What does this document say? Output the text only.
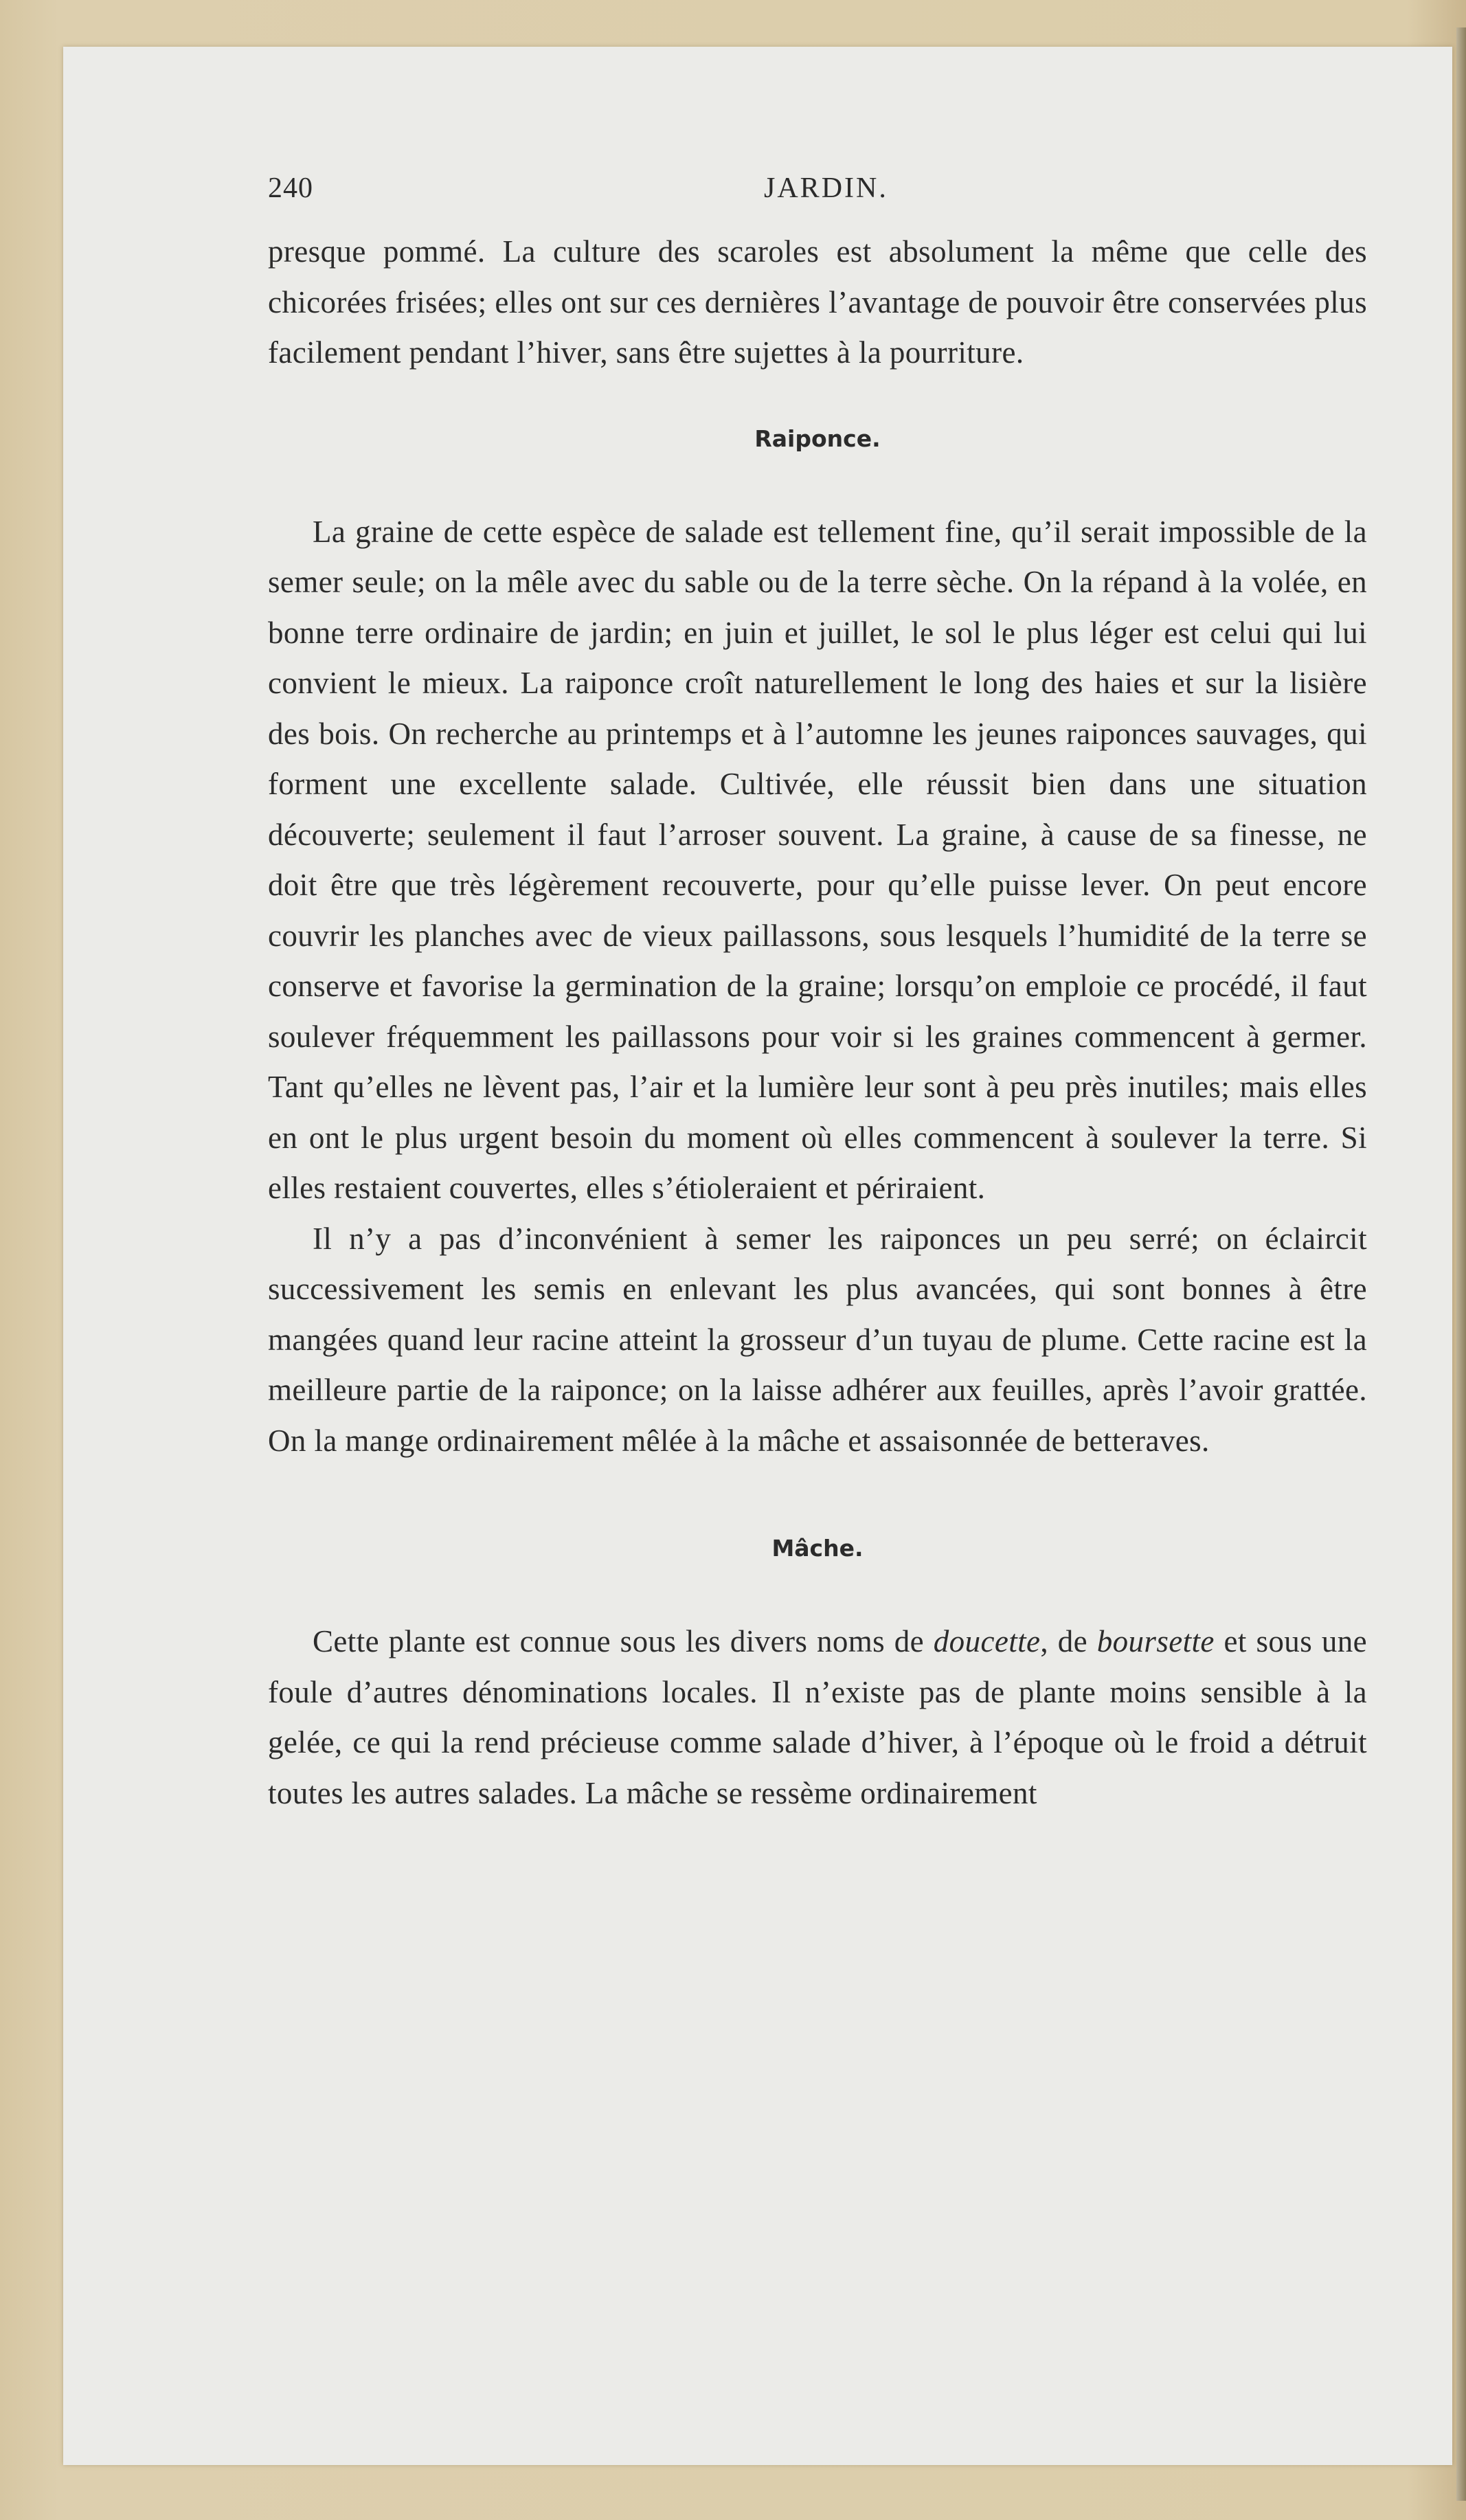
240	JARDIN.

presque pommé. La culture des scaroles est absolument la même que celle des chicorées frisées; elles ont sur ces dernières l’avantage de pouvoir être conservées plus facilement pendant l’hiver, sans être sujettes à la pourriture.

Raiponce.

La graine de cette espèce de salade est tellement fine, qu’il serait impossible de la semer seule; on la mêle avec du sable ou de la terre sèche. On la répand à la volée, en bonne terre ordinaire de jardin; en juin et juillet, le sol le plus léger est celui qui lui convient le mieux. La raiponce croît naturellement le long des haies et sur la lisière des bois. On recherche au printemps et à l’automne les jeunes raiponces sauvages, qui forment une excellente salade. Cultivée, elle réussit bien dans une situation découverte; seulement il faut l’arroser souvent. La graine, à cause de sa finesse, ne doit être que très légèrement recouverte, pour qu’elle puisse lever. On peut encore couvrir les planches avec de vieux paillassons, sous lesquels l’humidité de la terre se conserve et favorise la germination de la graine; lorsqu’on emploie ce procédé, il faut soulever fréquemment les paillassons pour voir si les graines commencent à germer. Tant qu’elles ne lèvent pas, l’air et la lumière leur sont à peu près inutiles; mais elles en ont le plus urgent besoin du moment où elles commencent à soulever la terre. Si elles restaient couvertes, elles s’étioleraient et périraient.

Il n’y a pas d’inconvénient à semer les raiponces un peu serré; on éclaircit successivement les semis en enlevant les plus avancées, qui sont bonnes à être mangées quand leur racine atteint la grosseur d’un tuyau de plume. Cette racine est la meilleure partie de la raiponce; on la laisse adhérer aux feuilles, après l’avoir grattée. On la mange ordinairement mêlée à la mâche et assaisonnée de betteraves.

Mâche.

Cette plante est connue sous les divers noms de doucette, de boursette et sous une foule d’autres dénominations locales. Il n’existe pas de plante moins sensible à la gelée, ce qui la rend précieuse comme salade d’hiver, à l’époque où le froid a détruit toutes les autres salades. La mâche se ressème ordinairement
